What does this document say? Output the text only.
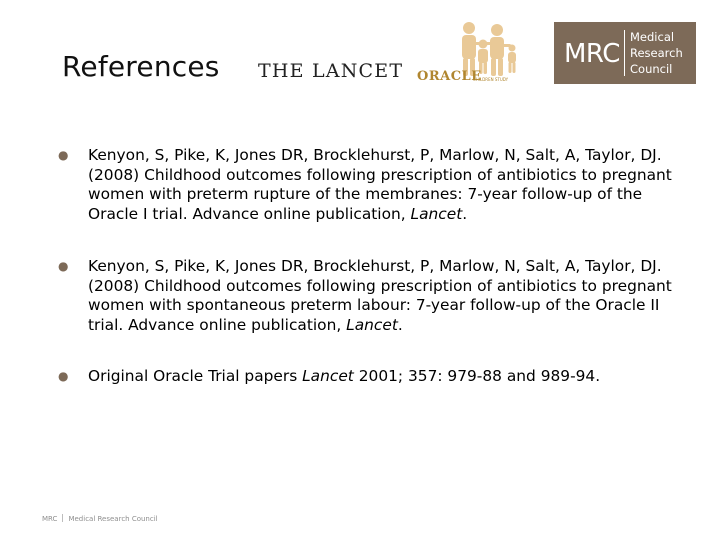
References THE LANCET ORACLE
CHILDREN STUDY
MRC
Medical
Research
Council
● Kenyon, S, Pike, K, Jones DR, Brocklehurst, P, Marlow, N, Salt, A, Taylor, DJ. (2008) Childhood outcomes following prescription of antibiotics to pregnant women with preterm rupture of the membranes: 7-year follow-up of the Oracle I trial. Advance online publication, Lancet.
● Kenyon, S, Pike, K, Jones DR, Brocklehurst, P, Marlow, N, Salt, A, Taylor, DJ. (2008) Childhood outcomes following prescription of antibiotics to pregnant women with spontaneous preterm labour: 7-year follow-up of the Oracle II trial. Advance online publication, Lancet.
● Original Oracle Trial papers Lancet 2001; 357: 979-88 and 989-94.
MRC Medical Research Council
